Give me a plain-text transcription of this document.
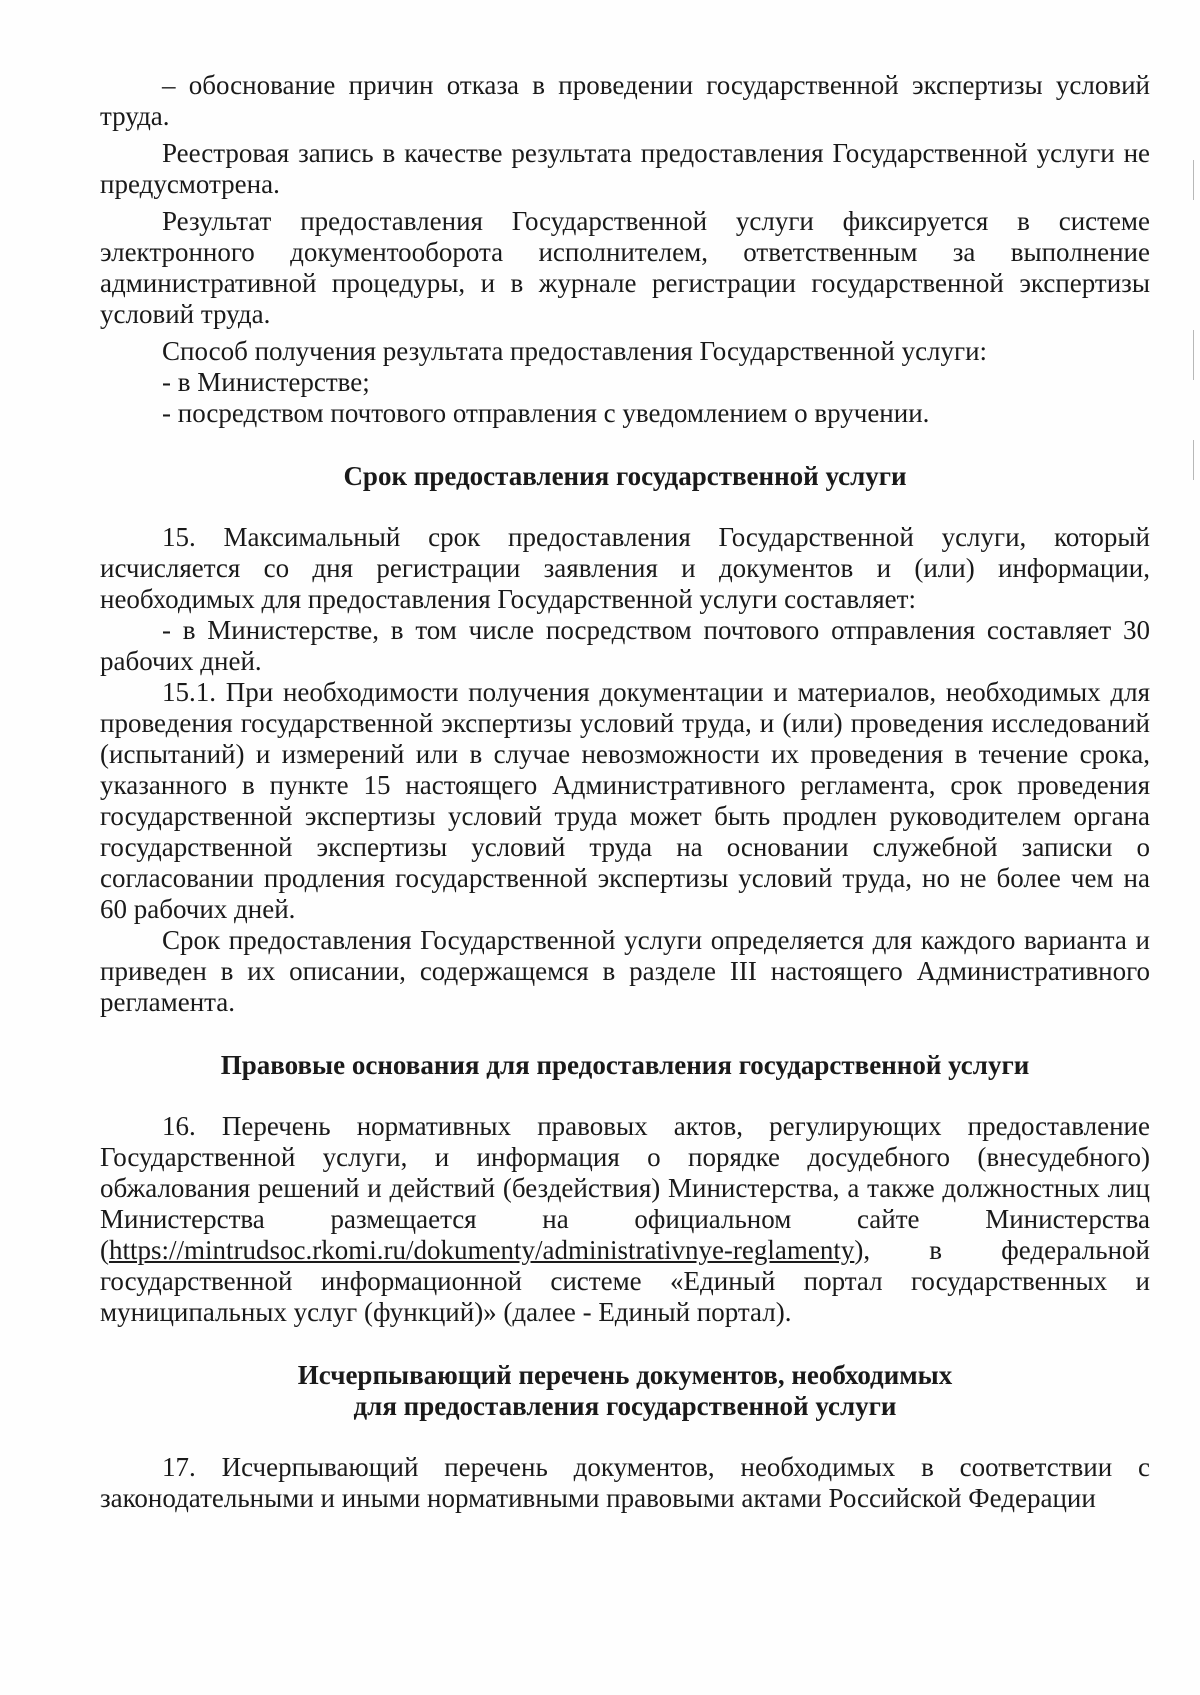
– обоснование причин отказа в проведении государственной экспертизы условий труда.

Реестровая запись в качестве результата предоставления Государственной услуги не предусмотрена.

Результат предоставления Государственной услуги фиксируется в системе электронного документооборота исполнителем, ответственным за выполнение административной процедуры, и в журнале регистрации государственной экспертизы условий труда.

Способ получения результата предоставления Государственной услуги:

- в Министерстве;

- посредством почтового отправления с уведомлением о вручении.

Срок предоставления государственной услуги

15. Максимальный срок предоставления Государственной услуги, который исчисляется со дня регистрации заявления и документов и (или) информации, необходимых для предоставления Государственной услуги составляет:

- в Министерстве, в том числе посредством почтового отправления составляет 30 рабочих дней.

15.1. При необходимости получения документации и материалов, необходимых для проведения государственной экспертизы условий труда, и (или) проведения исследований (испытаний) и измерений или в случае невозможности их проведения в течение срока, указанного в пункте 15 настоящего Административного регламента, срок проведения государственной экспертизы условий труда может быть продлен руководителем органа государственной экспертизы условий труда на основании служебной записки о согласовании продления государственной экспертизы условий труда, но не более чем на 60 рабочих дней.

Срок предоставления Государственной услуги определяется для каждого варианта и приведен в их описании, содержащемся в разделе III настоящего Административного регламента.

Правовые основания для предоставления государственной услуги

16. Перечень нормативных правовых актов, регулирующих предоставление Государственной услуги, и информация о порядке досудебного (внесудебного) обжалования решений и действий (бездействия) Министерства, а также должностных лиц Министерства размещается на официальном сайте Министерства (https://mintrudsoc.rkomi.ru/dokumenty/administrativnye-reglamenty), в федеральной государственной информационной системе «Единый портал государственных и муниципальных услуг (функций)» (далее - Единый портал).

Исчерпывающий перечень документов, необходимых
для предоставления государственной услуги

17. Исчерпывающий перечень документов, необходимых в соответствии с законодательными и иными нормативными правовыми актами Российской Федерации
